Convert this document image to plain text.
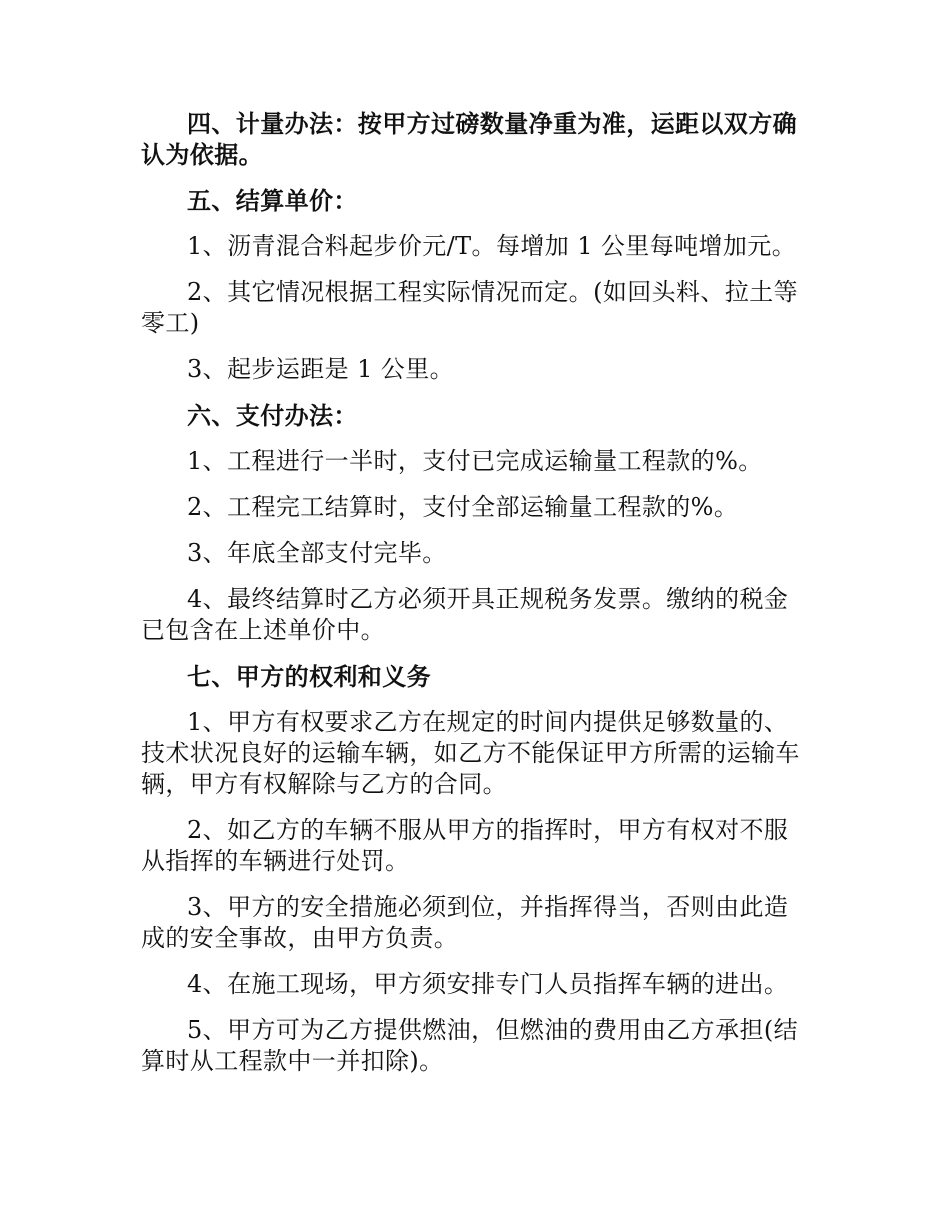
四、计量办法：按甲方过磅数量净重为准，运距以双方确认为依据。

五、结算单价：

1、沥青混合料起步价元/T。每增加 1 公里每吨增加元。

2、其它情况根据工程实际情况而定。(如回头料、拉土等零工)

3、起步运距是 1 公里。

六、支付办法：

1、工程进行一半时，支付已完成运输量工程款的%。

2、工程完工结算时，支付全部运输量工程款的%。

3、年底全部支付完毕。

4、最终结算时乙方必须开具正规税务发票。缴纳的税金已包含在上述单价中。

七、甲方的权利和义务

1、甲方有权要求乙方在规定的时间内提供足够数量的、技术状况良好的运输车辆，如乙方不能保证甲方所需的运输车辆，甲方有权解除与乙方的合同。

2、如乙方的车辆不服从甲方的指挥时，甲方有权对不服从指挥的车辆进行处罚。

3、甲方的安全措施必须到位，并指挥得当，否则由此造成的安全事故，由甲方负责。

4、在施工现场，甲方须安排专门人员指挥车辆的进出。

5、甲方可为乙方提供燃油，但燃油的费用由乙方承担(结算时从工程款中一并扣除)。
